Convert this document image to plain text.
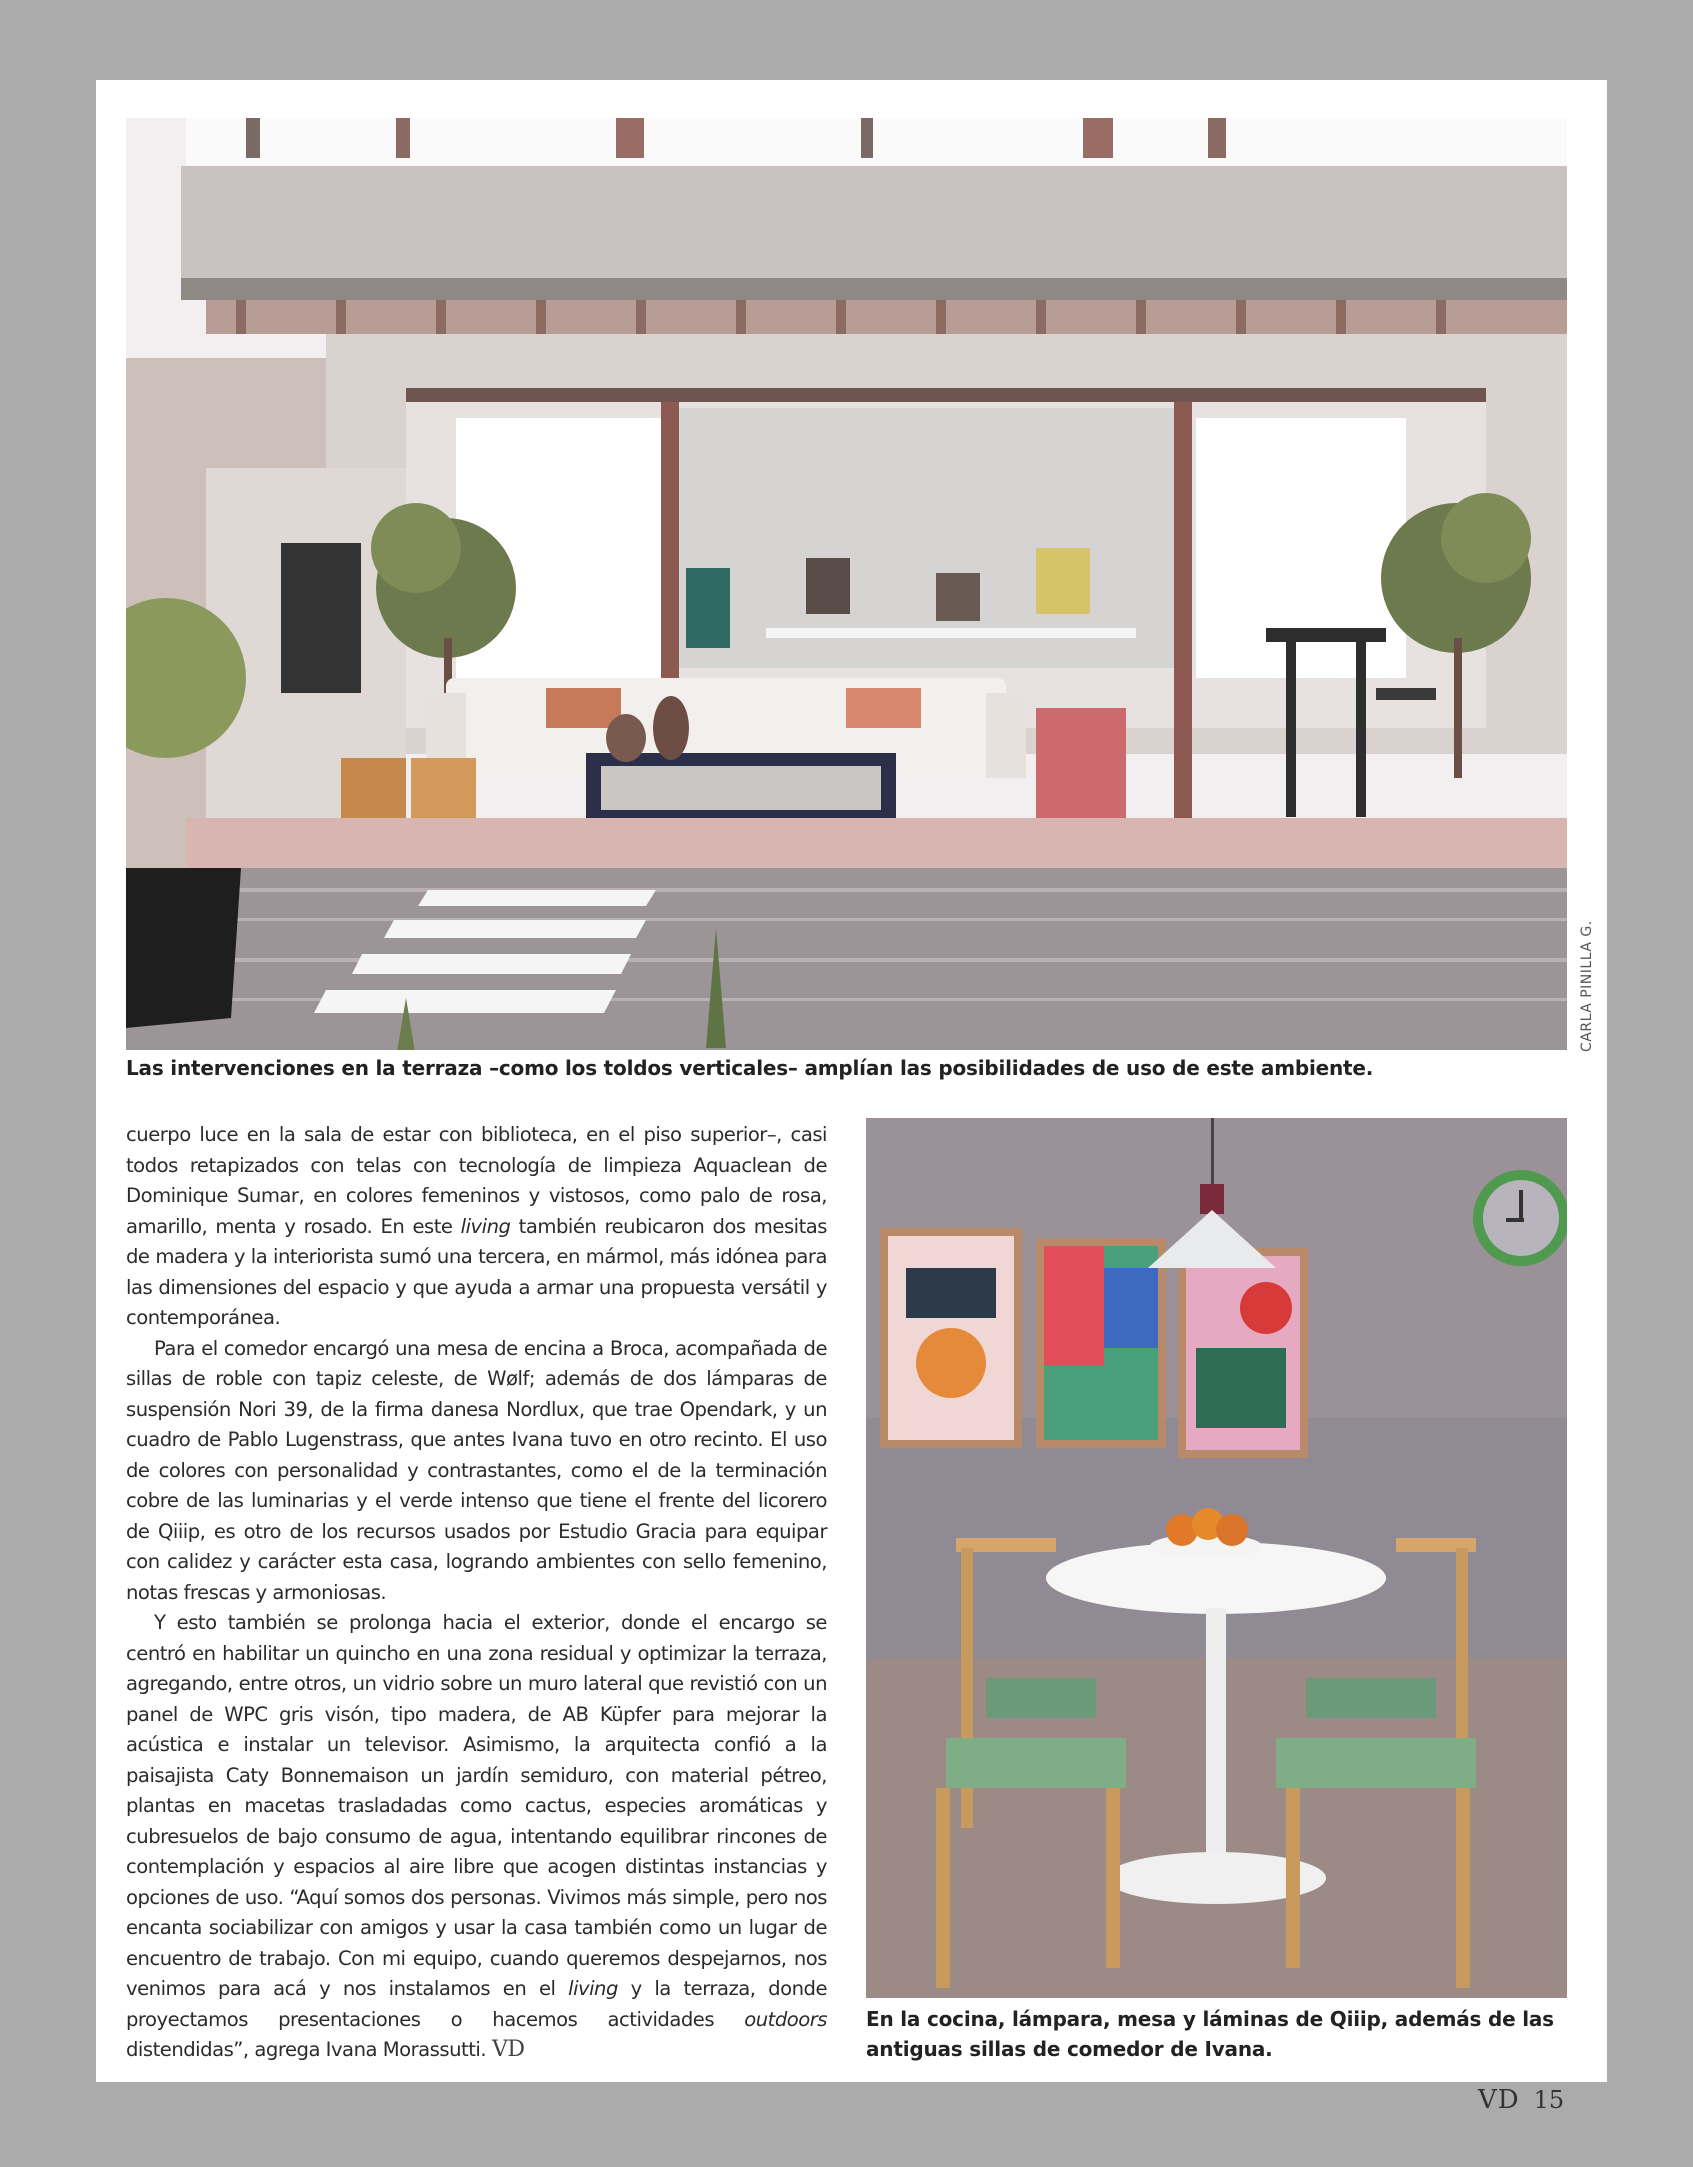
CARLA PINILLA G.
Las intervenciones en la terraza –como los toldos verticales– amplían las posibilidades de uso de este ambiente.

cuerpo luce en la sala de estar con biblioteca, en el piso superior–, casi todos retapizados con telas con tecnología de limpieza Aquaclean de Dominique Sumar, en colores femeninos y vistosos, como palo de rosa, amarillo, menta y rosado. En este living también reubicaron dos mesitas de madera y la interiorista sumó una tercera, en mármol, más idónea para las dimensiones del espacio y que ayuda a armar una propuesta versátil y contemporánea.

Para el comedor encargó una mesa de encina a Broca, acompañada de sillas de roble con tapiz celeste, de Wølf; además de dos lámparas de suspensión Nori 39, de la firma danesa Nordlux, que trae Opendark, y un cuadro de Pablo Lugenstrass, que antes Ivana tuvo en otro recinto. El uso de colores con personalidad y contrastantes, como el de la terminación cobre de las luminarias y el verde intenso que tiene el frente del licorero de Qiiip, es otro de los recursos usados por Estudio Gracia para equipar con calidez y carácter esta casa, logrando ambientes con sello femenino, notas frescas y armoniosas.

Y esto también se prolonga hacia el exterior, donde el encargo se centró en habilitar un quincho en una zona residual y optimizar la terraza, agregando, entre otros, un vidrio sobre un muro lateral que revistió con un panel de WPC gris visón, tipo madera, de AB Küpfer para mejorar la acústica e instalar un televisor. Asimismo, la arquitecta confió a la paisajista Caty Bonnemaison un jardín semiduro, con material pétreo, plantas en macetas trasladadas como cactus, especies aromáticas y cubresuelos de bajo consumo de agua, intentando equilibrar rincones de contemplación y espacios al aire libre que acogen distintas instancias y opciones de uso. “Aquí somos dos personas. Vivimos más simple, pero nos encanta sociabilizar con amigos y usar la casa también como un lugar de encuentro de trabajo. Con mi equipo, cuando queremos despejarnos, nos venimos para acá y nos instalamos en el living y la terraza, donde proyectamos presentaciones o hacemos actividades outdoors distendidas”, agrega Ivana Morassutti. VD

En la cocina, lámpara, mesa y láminas de Qiiip, además de las antiguas sillas de comedor de Ivana.
VD 15
